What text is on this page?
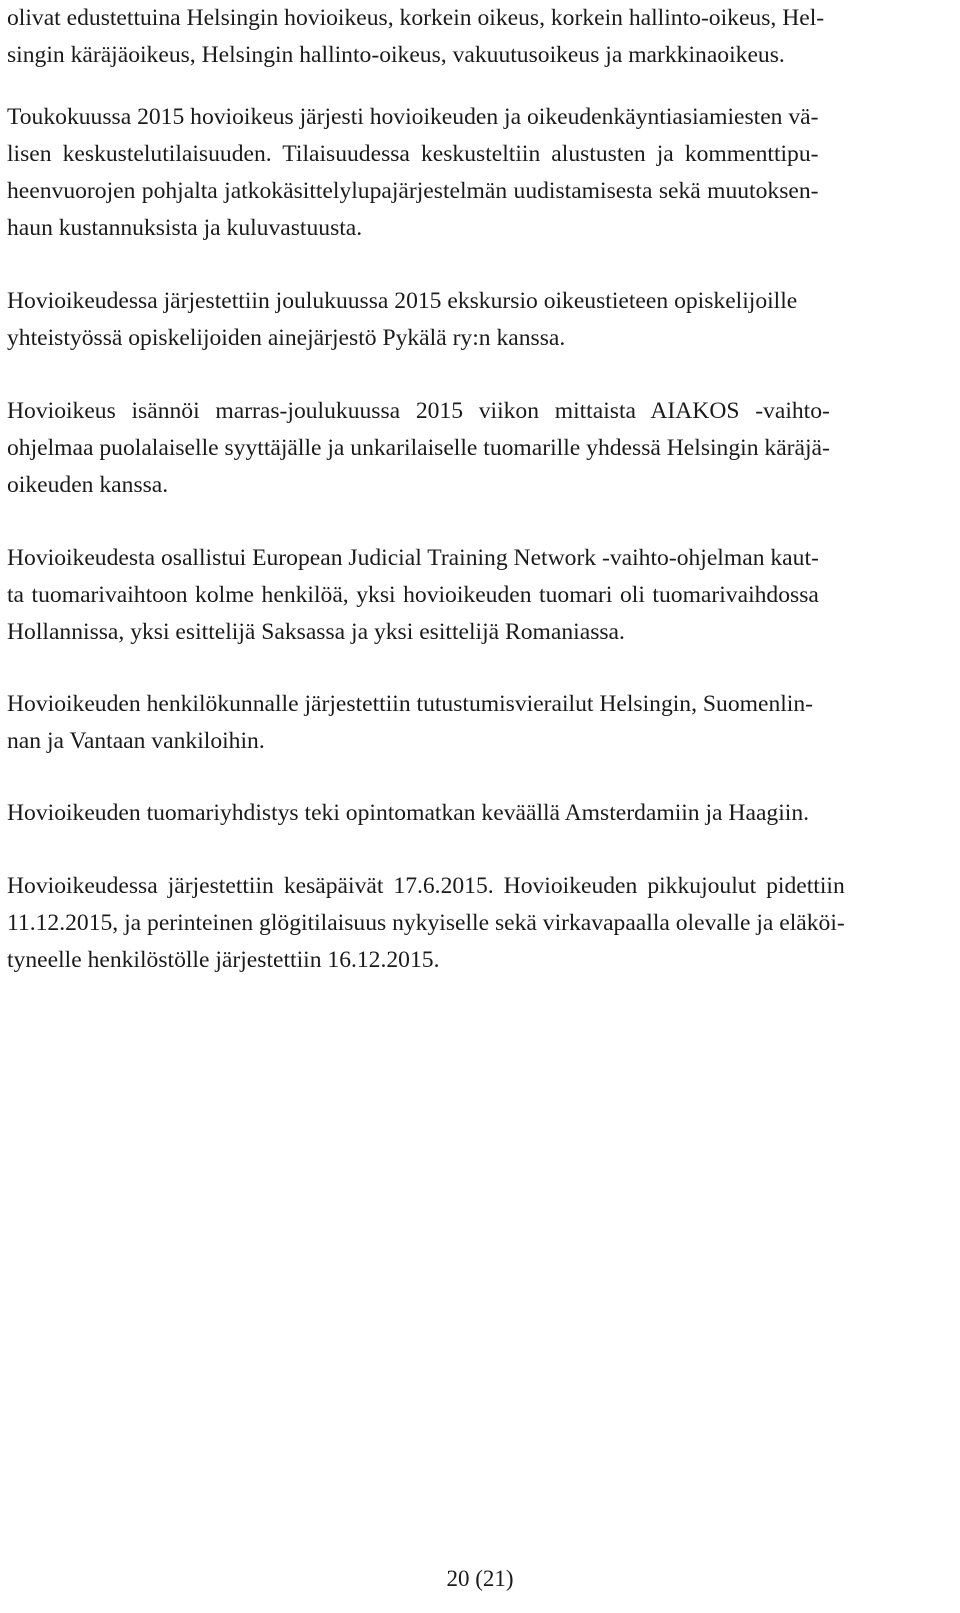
olivat edustettuina Helsingin hovioikeus, korkein oikeus, korkein hallinto-oikeus, Hel-
singin käräjäoikeus, Helsingin hallinto-oikeus, vakuutusoikeus ja markkinaoikeus.

Toukokuussa 2015 hovioikeus järjesti hovioikeuden ja oikeudenkäyntiasiamiesten vä-
lisen keskustelutilaisuuden. Tilaisuudessa keskusteltiin alustusten ja kommenttipu-
heenvuorojen pohjalta jatkokäsittelylupajärjestelmän uudistamisesta sekä muutoksen-
haun kustannuksista ja kuluvastuusta.

Hovioikeudessa järjestettiin joulukuussa 2015 ekskursio oikeustieteen opiskelijoille
yhteistyössä opiskelijoiden ainejärjestö Pykälä ry:n kanssa.

Hovioikeus isännöi marras-joulukuussa 2015 viikon mittaista AIAKOS -vaihto-
ohjelmaa puolalaiselle syyttäjälle ja unkarilaiselle tuomarille yhdessä Helsingin käräjä-
oikeuden kanssa.

Hovioikeudesta osallistui European Judicial Training Network -vaihto-ohjelman kaut-
ta tuomarivaihtoon kolme henkilöä, yksi hovioikeuden tuomari oli tuomarivaihdossa
Hollannissa, yksi esittelijä Saksassa ja yksi esittelijä Romaniassa.

Hovioikeuden henkilökunnalle järjestettiin tutustumisvierailut Helsingin, Suomenlin-
nan ja Vantaan vankiloihin.

Hovioikeuden tuomariyhdistys teki opintomatkan keväällä Amsterdamiin ja Haagiin.

Hovioikeudessa järjestettiin kesäpäivät 17.6.2015. Hovioikeuden pikkujoulut pidettiin
11.12.2015, ja perinteinen glögitilaisuus nykyiselle sekä virkavapaalla olevalle ja eläköi-
tyneelle henkilöstölle järjestettiin 16.12.2015.

20 (21)
